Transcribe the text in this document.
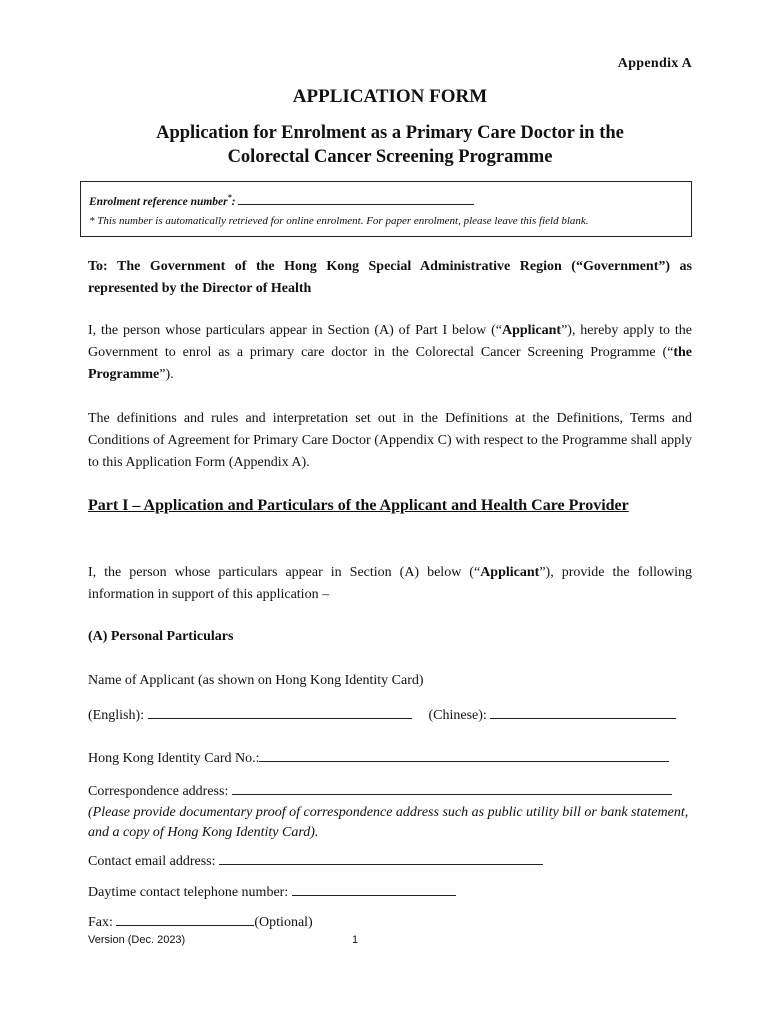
Appendix A
APPLICATION FORM
Application for Enrolment as a Primary Care Doctor in the
Colorectal Cancer Screening Programme
Enrolment reference number*:
* This number is automatically retrieved for online enrolment. For paper enrolment, please leave this field blank.
To: The Government of the Hong Kong Special Administrative Region (“Government”) as represented by the Director of Health
I, the person whose particulars appear in Section (A) of Part I below (“Applicant”), hereby apply to the Government to enrol as a primary care doctor in the Colorectal Cancer Screening Programme (“the Programme”).
The definitions and rules and interpretation set out in the Definitions at the Definitions, Terms and Conditions of Agreement for Primary Care Doctor (Appendix C) with respect to the Programme shall apply to this Application Form (Appendix A).
Part I – Application and Particulars of the Applicant and Health Care Provider
I, the person whose particulars appear in Section (A) below (“Applicant”), provide the following information in support of this application –
(A) Personal Particulars
Name of Applicant (as shown on Hong Kong Identity Card)
(English):	(Chinese):
Hong Kong Identity Card No.:
Correspondence address:
(Please provide documentary proof of correspondence address such as public utility bill or bank statement, and a copy of Hong Kong Identity Card).
Contact email address:
Daytime contact telephone number:
Fax:	(Optional)
Version (Dec. 2023)	1
